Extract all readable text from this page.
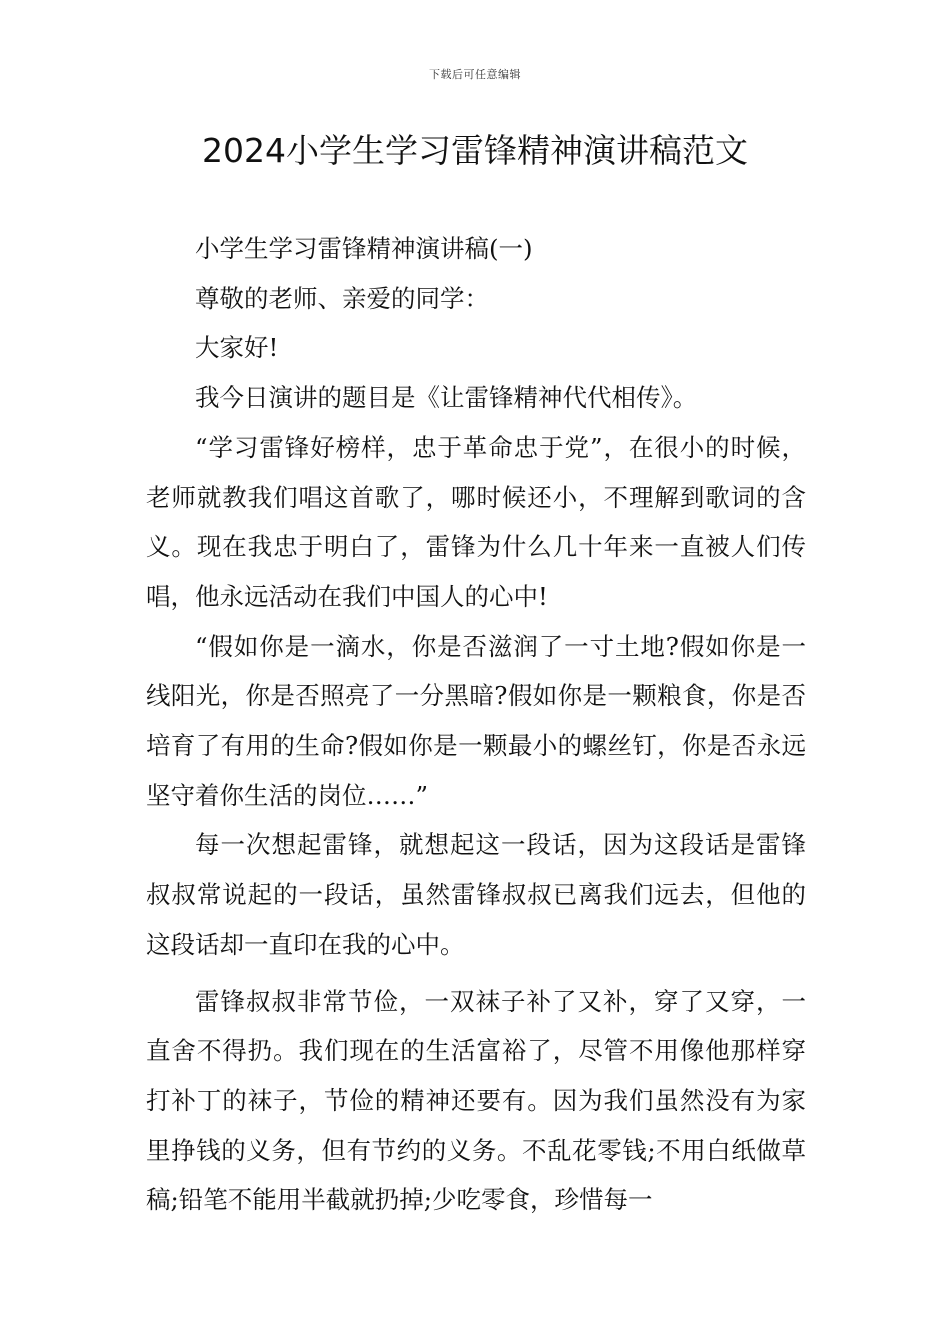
下载后可任意编辑
2024小学生学习雷锋精神演讲稿范文

小学生学习雷锋精神演讲稿(一)

尊敬的老师、亲爱的同学：

大家好!

我今日演讲的题目是《让雷锋精神代代相传》。

“学习雷锋好榜样，忠于革命忠于党”，在很小的时候，老师就教我们唱这首歌了，哪时候还小，不理解到歌词的含义。现在我忠于明白了，雷锋为什么几十年来一直被人们传唱，他永远活动在我们中国人的心中!

“假如你是一滴水，你是否滋润了一寸土地?假如你是一线阳光，你是否照亮了一分黑暗?假如你是一颗粮食，你是否培育了有用的生命?假如你是一颗最小的螺丝钉，你是否永远坚守着你生活的岗位……”

每一次想起雷锋，就想起这一段话，因为这段话是雷锋叔叔常说起的一段话，虽然雷锋叔叔已离我们远去，但他的这段话却一直印在我的心中。

雷锋叔叔非常节俭，一双袜子补了又补，穿了又穿，一直舍不得扔。我们现在的生活富裕了，尽管不用像他那样穿打补丁的袜子，节俭的精神还要有。因为我们虽然没有为家里挣钱的义务，但有节约的义务。不乱花零钱;不用白纸做草稿;铅笔不能用半截就扔掉;少吃零食，珍惜每一
